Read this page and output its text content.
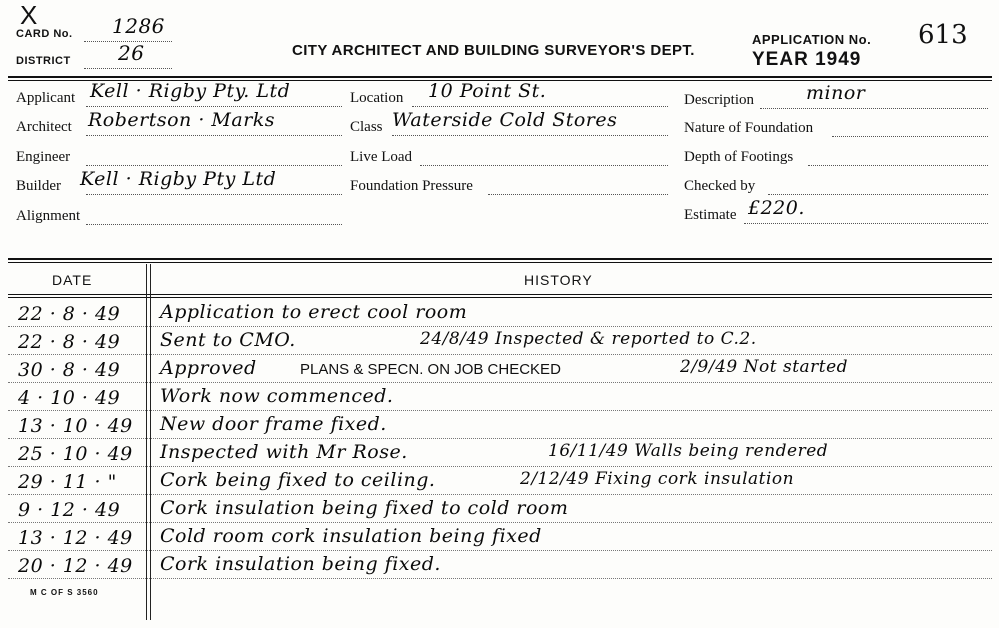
X
CARD No. 1286
DISTRICT 26	CITY ARCHITECT AND BUILDING SURVEYOR'S DEPT.
APPLICATION No. 613
YEAR 1949
Applicant Kell · Rigby Pty. Ltd
Architect Robertson · Marks
Engineer
Builder Kell · Rigby Pty Ltd
Alignment
Location 10 Point St.
Class Waterside Cold Stores
Live Load
Foundation Pressure
Description	minor
Nature of Foundation
Depth of Footings
Checked by
Estimate £220.
DATE	HISTORY
22 · 8 · 49 Application to erect cool room
22 · 8 · 49 Sent to CMO.	24/8/49 Inspected & reported to C.2.
30 · 8 · 49 Approved	PLANS & SPECN. ON JOB CHECKED	2/9/49 Not started
4 · 10 · 49 Work now commenced.
13 · 10 · 49 New door frame fixed.
25 · 10 · 49 Inspected with Mr Rose.	16/11/49 Walls being rendered
29 · 11 · " Cork being fixed to ceiling.	2/12/49 Fixing cork insulation
9 · 12 · 49 Cork insulation being fixed to cold room
13 · 12 · 49 Cold room cork insulation being fixed
20 · 12 · 49 Cork insulation being fixed.
M C OF S 3560
